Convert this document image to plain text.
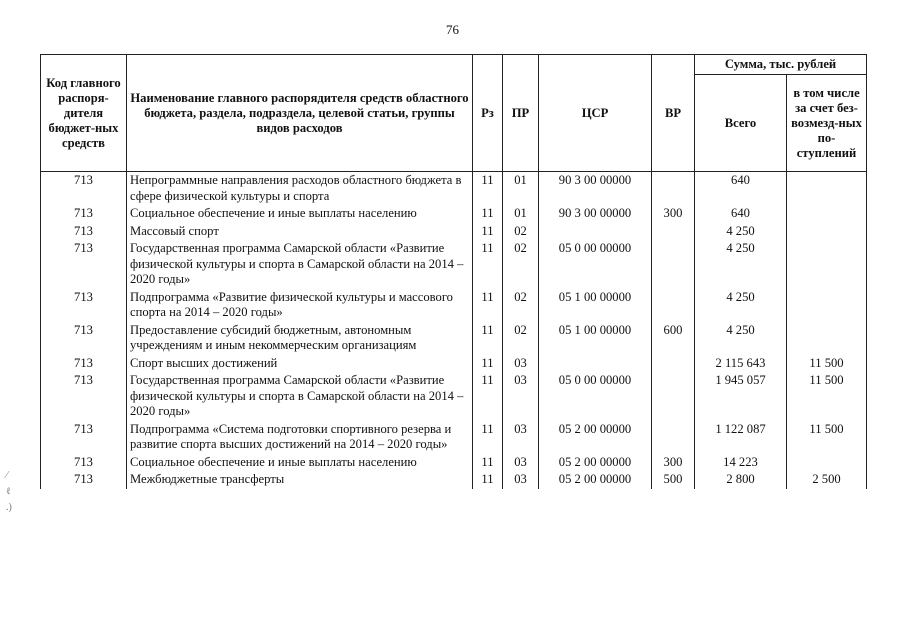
76
Код главного распоря-дителя бюджет-ных средств	Наименование главного распорядителя средств областного бюджета, раздела, подраздела, целевой статьи, группы видов расходов	Рз	ПР	ЦСР	ВР	Сумма, тыс. рублей	
						Всего	в том числе за счет без-возмезд-ных по-ступлений
713	Непрограммные направления расходов областного бюджета в сфере физической культуры и спорта	11	01	90 3 00 00000		640	
713	Социальное обеспечение и иные выплаты населению	11	01	90 3 00 00000	300	640	
713	Массовый спорт	11	02			4 250	
713	Государственная программа Самарской области «Развитие физической культуры и спорта в Самарской области на 2014 – 2020 годы»	11	02	05 0 00 00000		4 250	
713	Подпрограмма «Развитие физической культуры и массового спорта на 2014 – 2020 годы»	11	02	05 1 00 00000		4 250	
713	Предоставление субсидий бюджетным, автономным учреждениям и иным некоммерческим организациям	11	02	05 1 00 00000	600	4 250	
713	Спорт высших достижений	11	03			2 115 643	11 500
713	Государственная программа Самарской области «Развитие физической культуры и спорта в Самарской области на 2014 – 2020 годы»	11	03	05 0 00 00000		1 945 057	11 500
713	Подпрограмма «Система подготовки спортивного резерва и развитие спорта высших достижений на 2014 – 2020 годы»	11	03	05 2 00 00000		1 122 087	11 500
713	Социальное обеспечение и иные выплаты населению	11	03	05 2 00 00000	300	14 223	
713	Межбюджетные трансферты	11	03	05 2 00 00000	500	2 800	2 500
⁄
ℓ
.)
